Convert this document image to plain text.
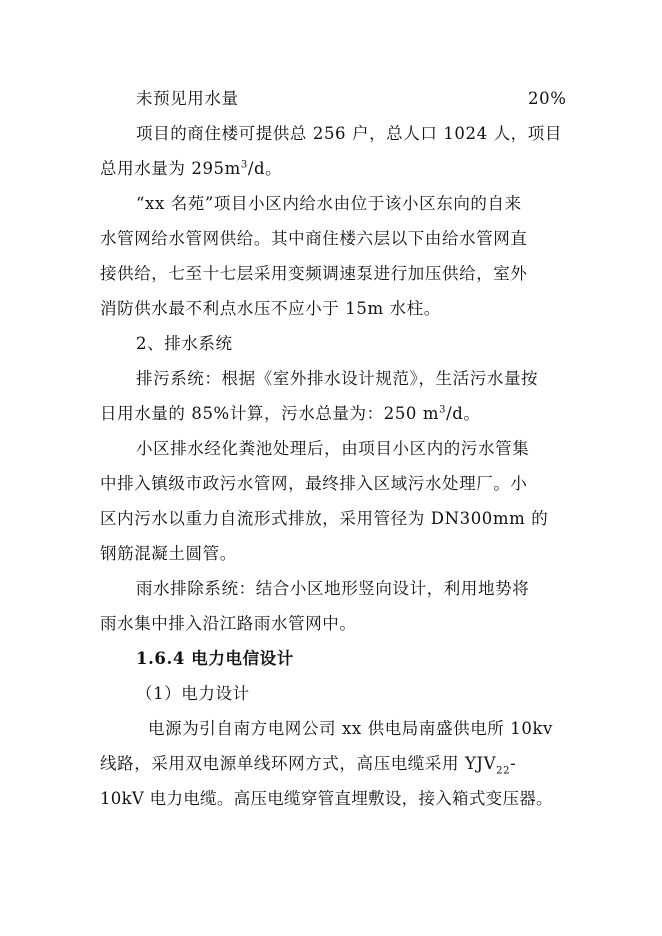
未预见用水量	20%
项目的商住楼可提供总 256 户，总人口 1024 人，项目
总用水量为 $295m^3/d$。
“xx 名苑”项目小区内给水由位于该小区东向的自来
水管网给水管网供给。其中商住楼六层以下由给水管网直
接供给，七至十七层采用变频调速泵进行加压供给，室外
消防供水最不利点水压不应小于 15m 水柱。
2、排水系统
排污系统：根据《室外排水设计规范》，生活污水量按
日用水量的 85%计算，污水总量为：250 $m^3/d$。
小区排水经化粪池处理后，由项目小区内的污水管集
中排入镇级市政污水管网，最终排入区域污水处理厂。小
区内污水以重力自流形式排放，采用管径为 DN300mm 的
钢筋混凝土圆管。
雨水排除系统：结合小区地形竖向设计，利用地势将
雨水集中排入沿江路雨水管网中。
1.6.4 电力电信设计
（1）电力设计
电源为引自南方电网公司 xx 供电局南盛供电所 10kv
线路，采用双电源单线环网方式，高压电缆采用 $YJV_{22}-$
10kV 电力电缆。高压电缆穿管直埋敷设，接入箱式变压器。
